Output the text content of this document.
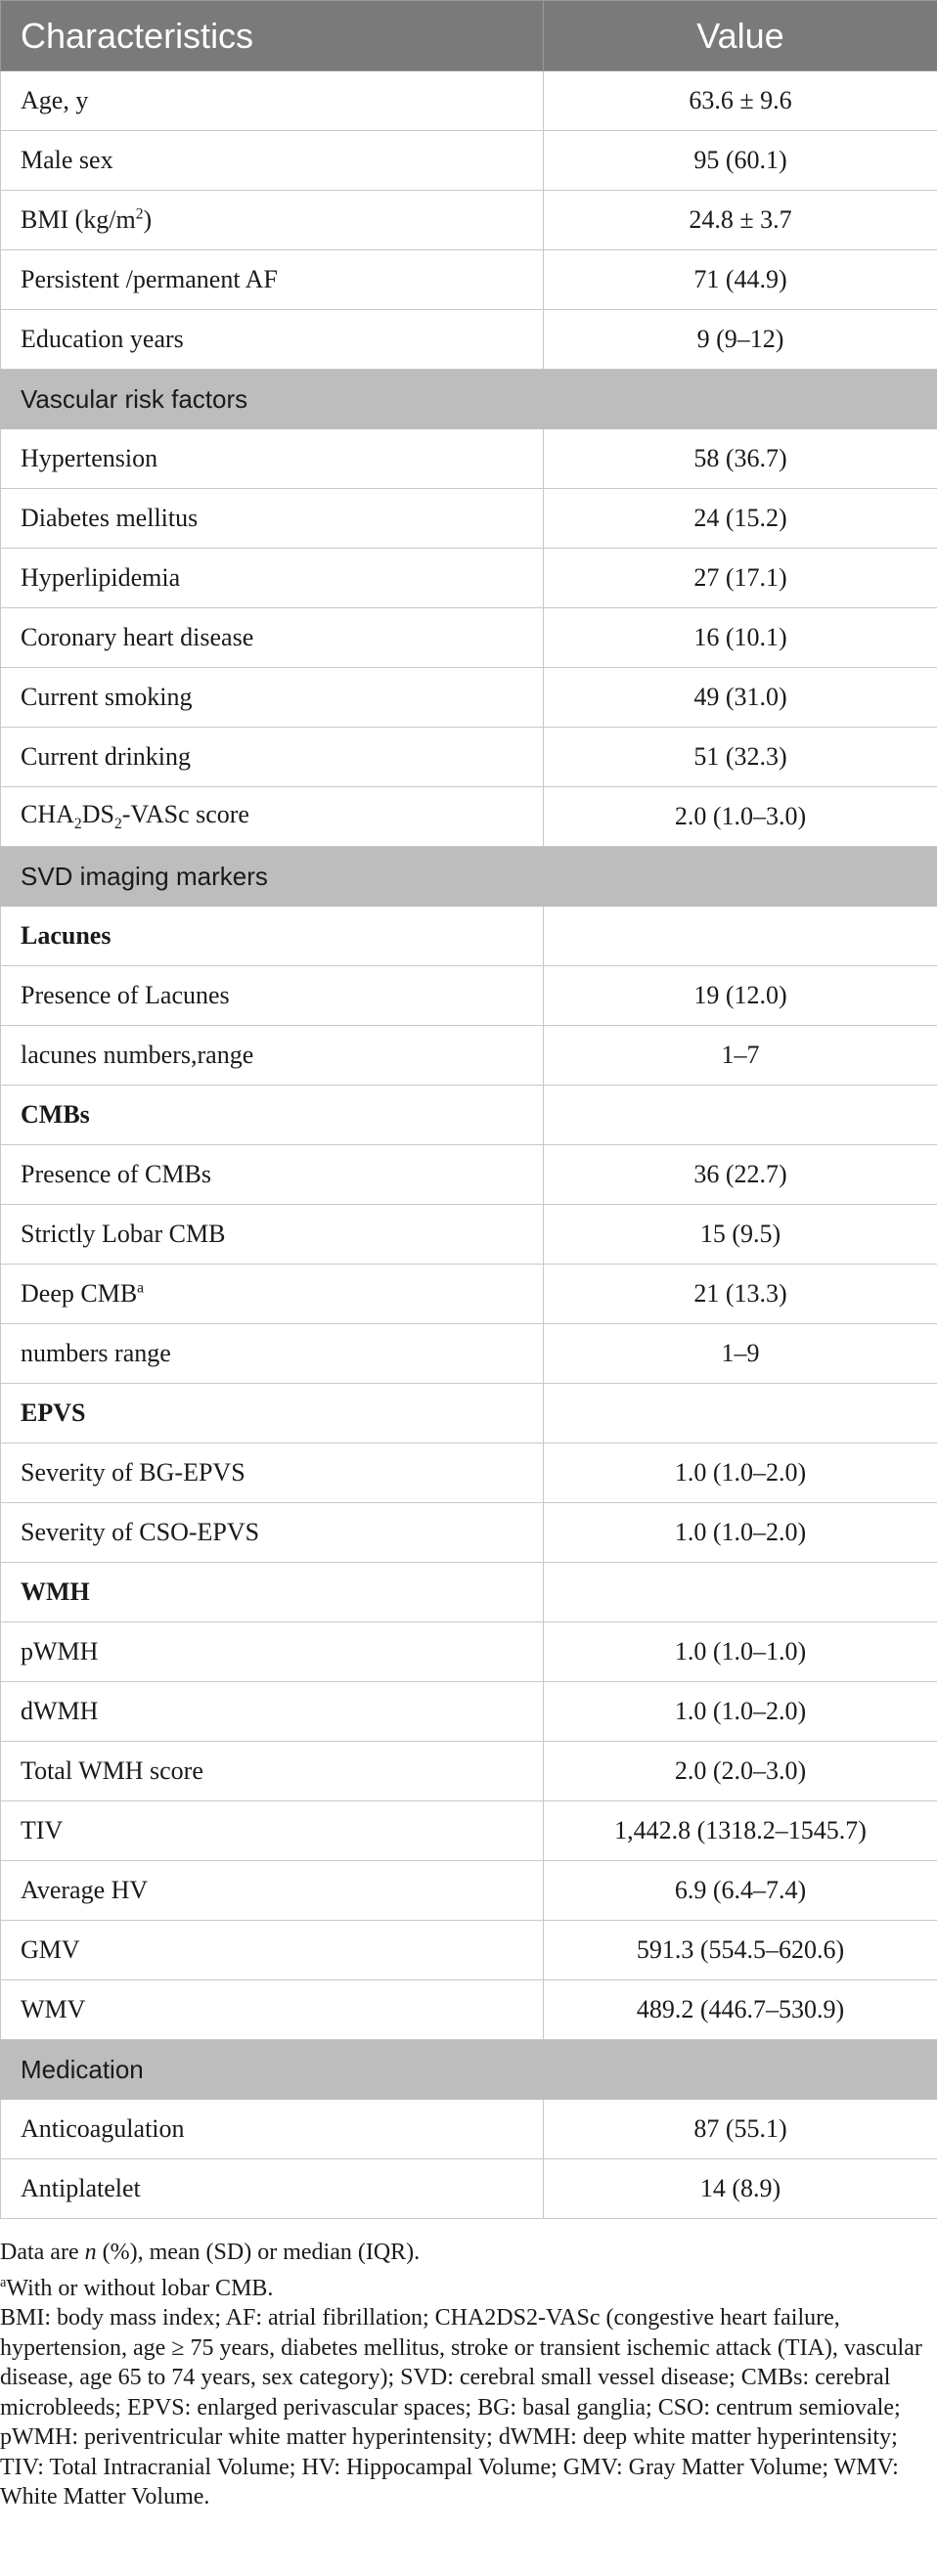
Characteristics	Value
Age, y	63.6 ± 9.6
Male sex	95 (60.1)
BMI $(kg/m^2)$	24.8 ± 3.7
Persistent /permanent AF	71 (44.9)
Education years	9 (9–12)
Vascular risk factors	
Hypertension	58 (36.7)
Diabetes mellitus	24 (15.2)
Hyperlipidemia	27 (17.1)
Coronary heart disease	16 (10.1)
Current smoking	49 (31.0)
Current drinking	51 (32.3)
$CHA_2DS_2$-VASc score	2.0 (1.0–3.0)
SVD imaging markers	
Lacunes	
Presence of Lacunes	19 (12.0)
lacunes numbers,range	1–7
CMBs	
Presence of CMBs	36 (22.7)
Strictly Lobar CMB	15 (9.5)
Deep CMB$^a$	21 (13.3)
numbers range	1–9
EPVS	
Severity of BG-EPVS	1.0 (1.0–2.0)
Severity of CSO-EPVS	1.0 (1.0–2.0)
WMH	
pWMH	1.0 (1.0–1.0)
dWMH	1.0 (1.0–2.0)
Total WMH score	2.0 (2.0–3.0)
TIV	1,442.8 (1318.2–1545.7)
Average HV	6.9 (6.4–7.4)
GMV	591.3 (554.5–620.6)
WMV	489.2 (446.7–530.9)
Medication	
Anticoagulation	87 (55.1)
Antiplatelet	14 (8.9)

Data are n (%), mean (SD) or median (IQR).

$^a$With or without lobar CMB.

BMI: body mass index; AF: atrial fibrillation; CHA2DS2-VASc (congestive heart failure, hypertension, age ≥ 75 years, diabetes mellitus, stroke or transient ischemic attack (TIA), vascular disease, age 65 to 74 years, sex category); SVD: cerebral small vessel disease; CMBs: cerebral microbleeds; EPVS: enlarged perivascular spaces; BG: basal ganglia; CSO: centrum semiovale; pWMH: periventricular white matter hyperintensity; dWMH: deep white matter hyperintensity; TIV: Total Intracranial Volume; HV: Hippocampal Volume; GMV: Gray Matter Volume; WMV: White Matter Volume.
